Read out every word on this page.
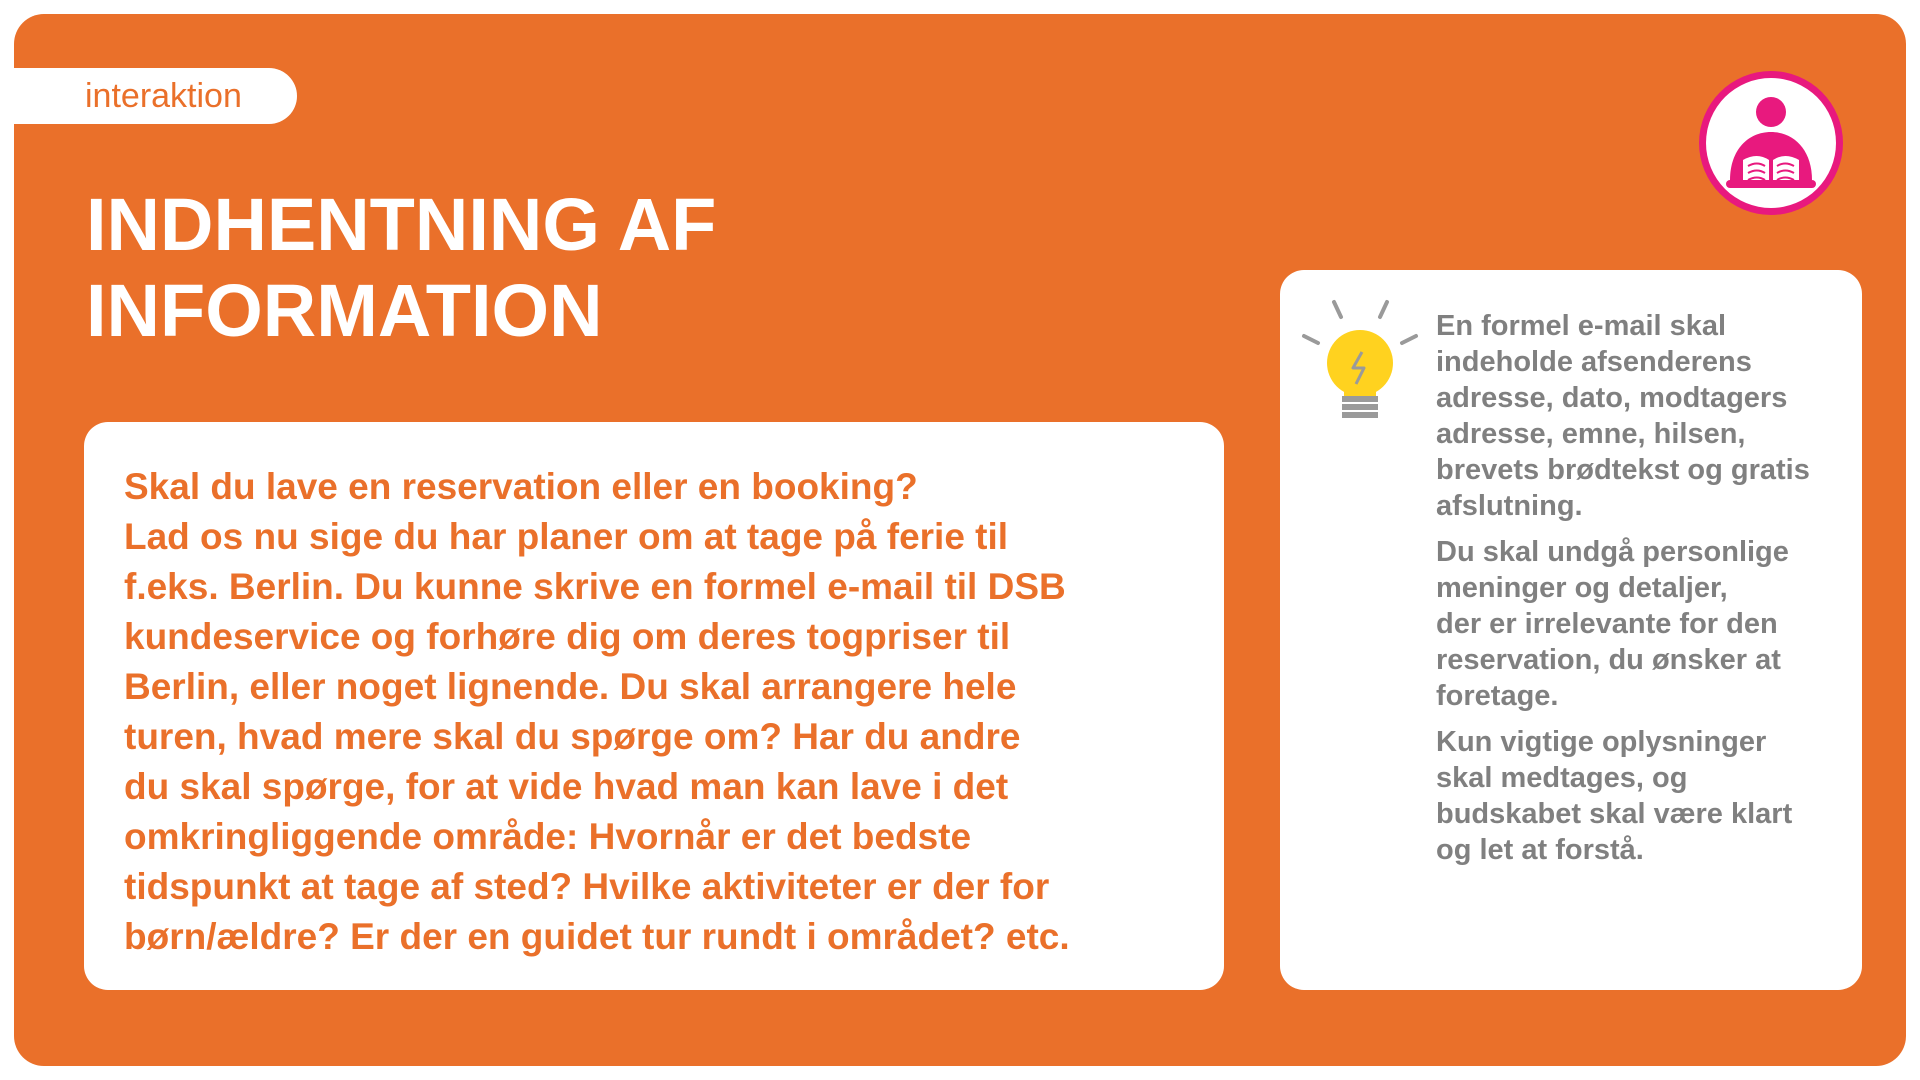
interaktion
INDHENTNING AF
INFORMATION

Skal du lave en reservation eller en booking?
Lad os nu sige du har planer om at tage på ferie til
f.eks. Berlin. Du kunne skrive en formel e-mail til DSB
kundeservice og forhøre dig om deres togpriser til
Berlin, eller noget lignende. Du skal arrangere hele
turen, hvad mere skal du spørge om? Har du andre
du skal spørge, for at vide hvad man kan lave i det
omkringliggende område: Hvornår er det bedste
tidspunkt at tage af sted? Hvilke aktiviteter er der for
børn/ældre? Er der en guidet tur rundt i området? etc.

En formel e-mail skal
indeholde afsenderens
adresse, dato, modtagers
adresse, emne, hilsen,
brevets brødtekst og gratis
afslutning.

Du skal undgå personlige
meninger og detaljer,
der er irrelevante for den
reservation, du ønsker at
foretage.

Kun vigtige oplysninger
skal medtages, og
budskabet skal være klart
og let at forstå.
